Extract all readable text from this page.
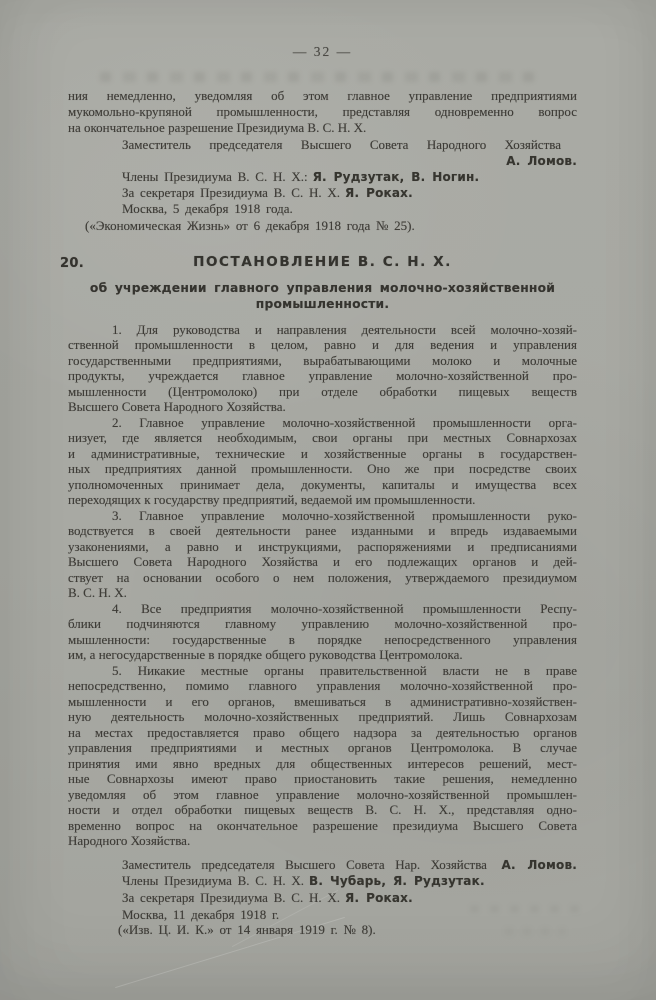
— 32 —
ния немедленно, уведомляя об этом главное управление предприятиями
мукомольно-крупяной промышленности, представляя одновременно вопрос
на окончательное разрешение Президиума В. С. Н. Х.
Заместитель председателя Высшего Совета Народного Хозяйства
А. Ломов.
Члены Президиума В. С. Н. Х.: Я. Рудзутак, В. Ногин.
За секретаря Президиума В. С. Н. Х. Я. Роках.
Москва, 5 декабря 1918 года.
(«Экономическая Жизнь» от 6 декабря 1918 года № 25).
20.	ПОСТАНОВЛЕНИЕ В. С. Н. Х.
об учреждении главного управления молочно-хозяйственной
промышленности.
1. Для руководства и направления деятельности всей молочно-хозяй-
ственной промышленности в целом, равно и для ведения и управления
государственными предприятиями, вырабатывающими молоко и молочные
продукты, учреждается главное управление молочно-хозяйственной про-
мышленности (Центромолоко) при отделе обработки пищевых веществ
Высшего Совета Народного Хозяйства.
2. Главное управление молочно-хозяйственной промышленности орга-
низует, где является необходимым, свои органы при местных Совнархозах
и административные, технические и хозяйственные органы в государствен-
ных предприятиях данной промышленности. Оно же при посредстве своих
уполномоченных принимает дела, документы, капиталы и имущества всех
переходящих к государству предприятий, ведаемой им промышленности.
3. Главное управление молочно-хозяйственной промышленности руко-
водствуется в своей деятельности ранее изданными и впредь издаваемыми
узаконениями, а равно и инструкциями, распоряжениями и предписаниями
Высшего Совета Народного Хозяйства и его подлежащих органов и дей-
ствует на основании особого о нем положения, утверждаемого президиумом
В. С. Н. Х.
4. Все предприятия молочно-хозяйственной промышленности Респу-
блики подчиняются главному управлению молочно-хозяйственной про-
мышленности: государственные в порядке непосредственного управления
им, а негосударственные в порядке общего руководства Центромолока.
5. Никакие местные органы правительственной власти не в праве
непосредственно, помимо главного управления молочно-хозяйственной про-
мышленности и его органов, вмешиваться в административно-хозяйствен-
ную деятельность молочно-хозяйственных предприятий. Лишь Совнархозам
на местах предоставляется право общего надзора за деятельностью органов
управления предприятиями и местных органов Центромолока. В случае
принятия ими явно вредных для общественных интересов решений, мест-
ные Совнархозы имеют право приостановить такие решения, немедленно
уведомляя об этом главное управление молочно-хозяйственной промышлен-
ности и отдел обработки пищевых веществ В. С. Н. Х., представляя одно-
временно вопрос на окончательное разрешение президиума Высшего Совета
Народного Хозяйства.
Заместитель председателя Высшего Совета Нар. Хозяйства А. Ломов.
Члены Президиума В. С. Н. Х. В. Чубарь, Я. Рудзутак.
За секретаря Президиума В. С. Н. Х. Я. Роках.
Москва, 11 декабря 1918 г.
(«Изв. Ц. И. К.» от 14 января 1919 г. № 8).
